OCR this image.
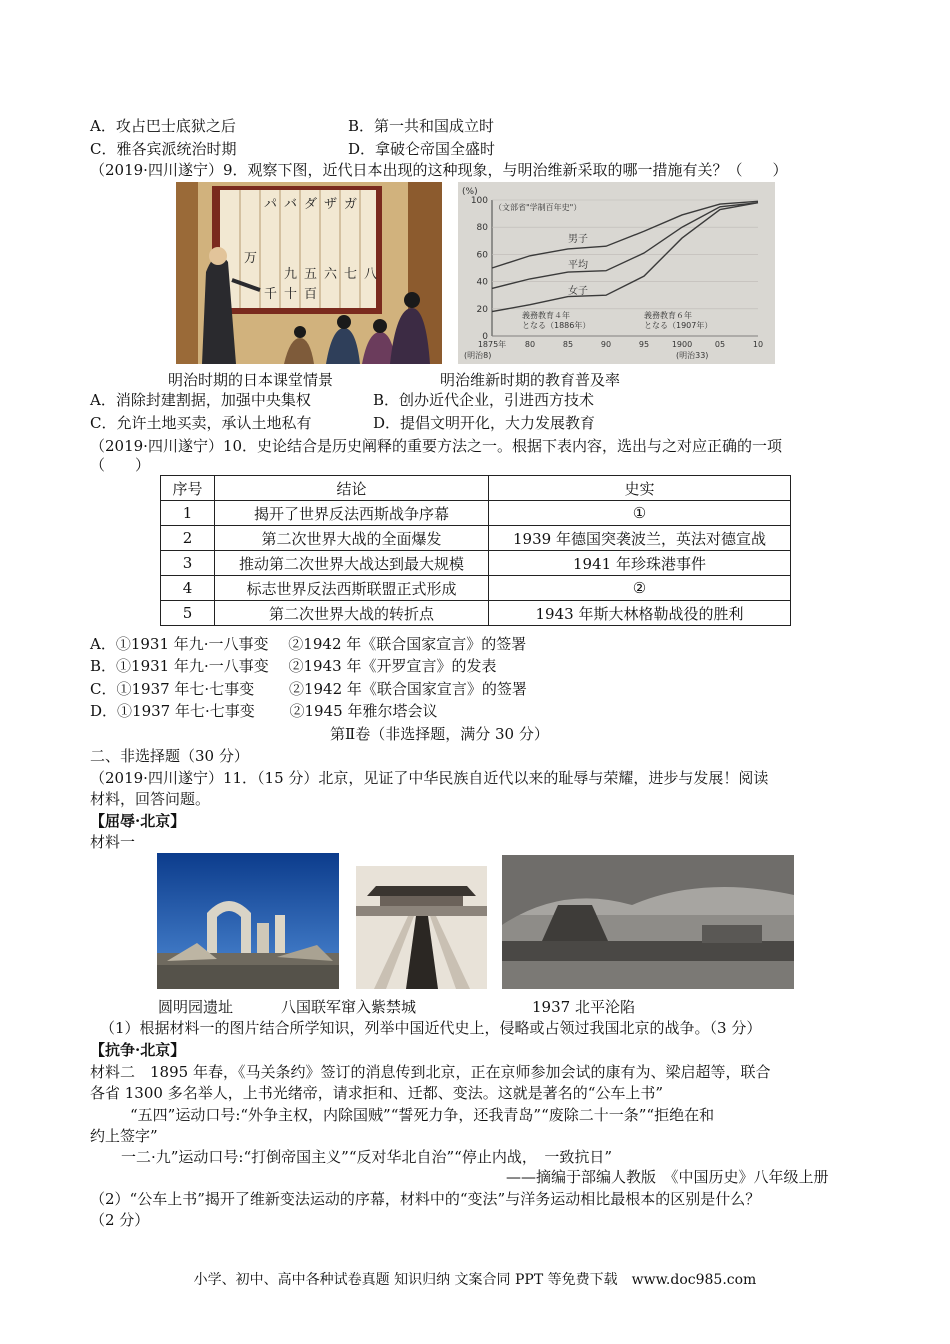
A．攻占巴士底狱之后	B．第一共和国成立时
C．雅各宾派统治时期	D．拿破仑帝国全盛时
（2019·四川遂宁）9．观察下图，近代日本出现的这种现象，与明治维新采取的哪一措施有关？（　　）
ガ
ザ
ダ
バ
パ
五 六 七 八
九
十 百
千
万
0
20
40
60
80
100
1875年 80	85	90	95	1900	05	10
(%)
（文部省"学制百年史"）
男子
平均
女子
義務教育４年
となる（1886年）
義務教育６年
となる（1907年）
(明治8)	(明治33)
明治时期的日本课堂情景	明治维新时期的教育普及率
A．消除封建割据，加强中央集权	B．创办近代企业，引进西方技术
C．允许土地买卖，承认土地私有	D．提倡文明开化，大力发展教育
（2019·四川遂宁）10．史论结合是历史阐释的重要方法之一。根据下表内容，选出与之对应正确的一项
（　　）
序号	结论	史实
1	揭开了世界反法西斯战争序幕	①
2	第二次世界大战的全面爆发	1939 年德国突袭波兰，英法对德宣战
3	推动第二次世界大战达到最大规模	1941 年珍珠港事件
4	标志世界反法西斯联盟正式形成	②
5	第二次世界大战的转折点	1943 年斯大林格勒战役的胜利
A．①1931 年九·一八事变　 ②1942 年《联合国家宣言》的签署
B．①1931 年九·一八事变　 ②1943 年《开罗宣言》的发表
C．①1937 年七·七事变　　 ②1942 年《联合国家宣言》的签署
D．①1937 年七·七事变　　 ②1945 年雅尔塔会议
第Ⅱ卷（非选择题，满分 30 分）
二、非选择题（30 分）
（2019·四川遂宁）11．（15 分）北京，见证了中华民族自近代以来的耻辱与荣耀，进步与发展！阅读
材料，回答问题。
【屈辱·北京】
材料一
圆明园遗址	八国联军窜入紫禁城	1937 北平沦陷
（1）根据材料一的图片结合所学知识，列举中国近代史上，侵略或占领过我国北京的战争。（3 分）
【抗争·北京】
材料二　1895 年春，《马关条约》签订的消息传到北京，正在京师参加会试的康有为、梁启超等，联合
各省 1300 多名举人，上书光绪帝，请求拒和、迁都、变法。这就是著名的“公车上书”
“五四”运动口号:“外争主权，内除国贼”“誓死力争，还我青岛”“废除二十一条”“拒绝在和
约上签字”
一二·九”运动口号:“打倒帝国主义”“反对华北自治”“停止内战，　一致抗日”
——摘编于部编人教版　《中国历史》八年级上册
（2）“公车上书”揭开了维新变法运动的序幕，材料中的“变法”与洋务运动相比最根本的区别是什么？
（2 分）
小学、初中、高中各种试卷真题 知识归纳 文案合同 PPT 等免费下载　www.doc985.com
